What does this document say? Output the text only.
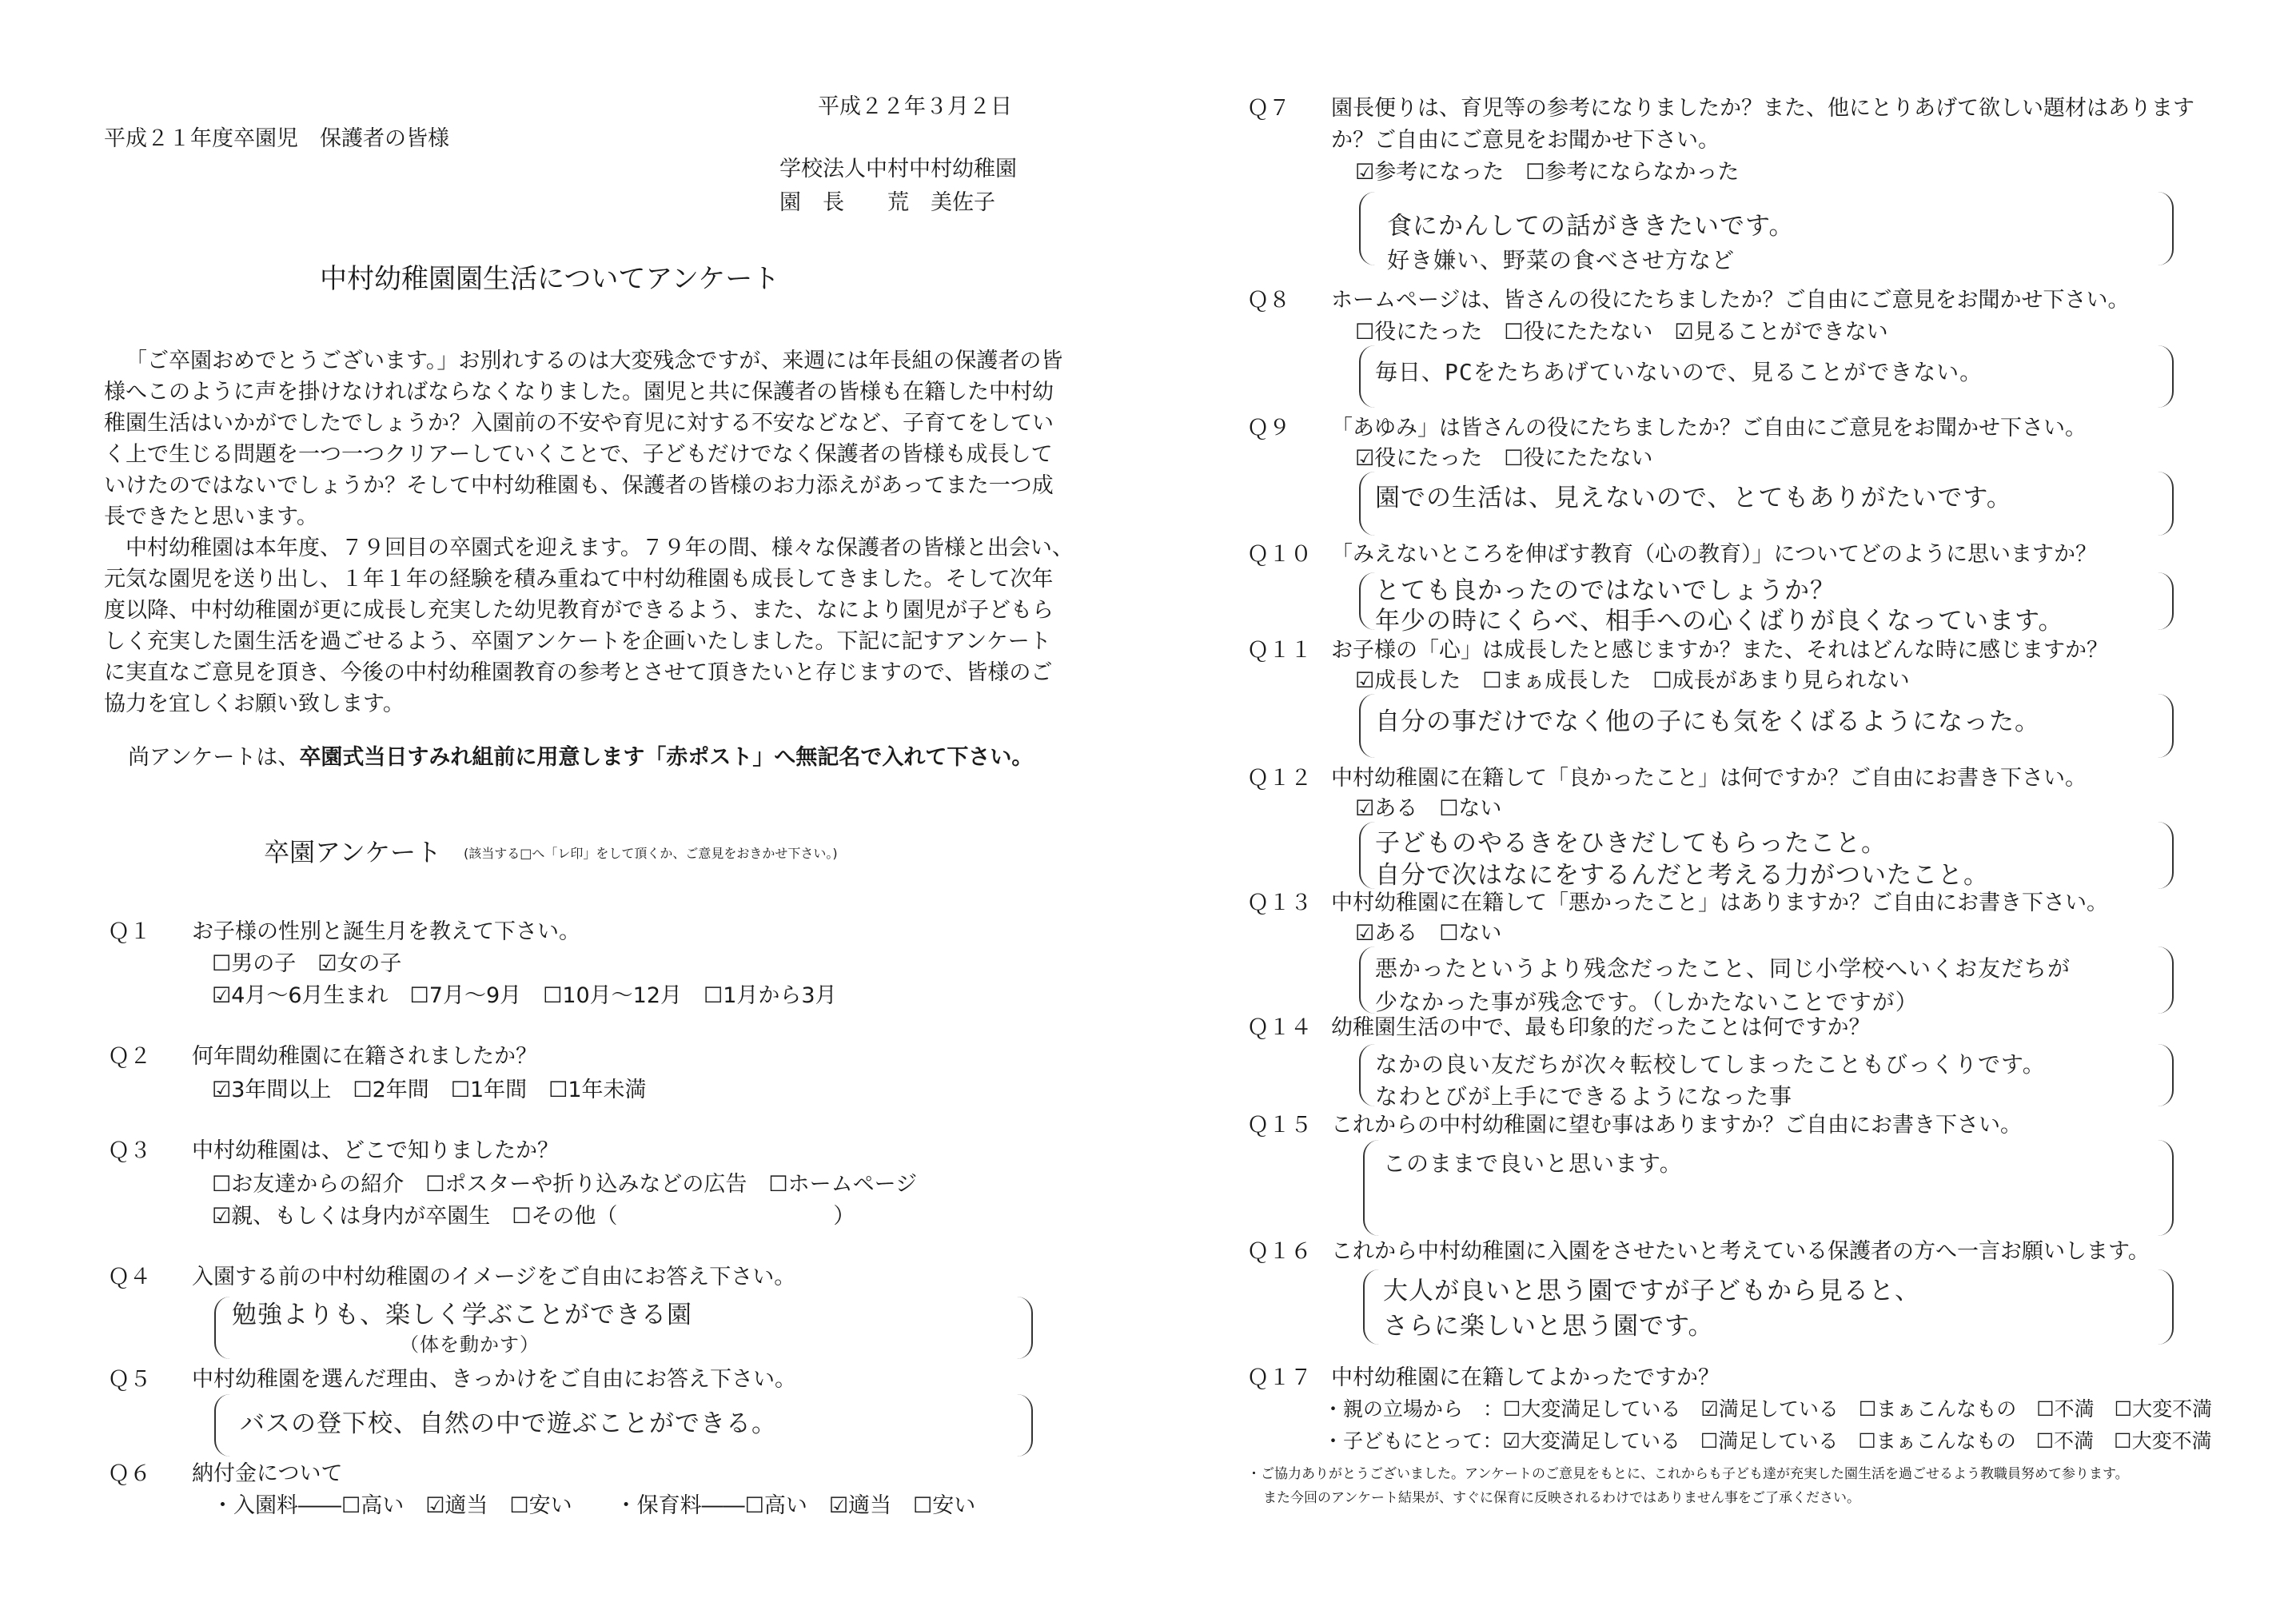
平成２２年３月２日
平成２１年度卒園児　保護者の皆様
学校法人中村中村幼稚園
園　長　　荒　美佐子
中村幼稚園園生活についてアンケート
「ご卒園おめでとうございます。」お別れするのは大変残念ですが、来週には年長組の保護者の皆
様へこのように声を掛けなければならなくなりました。園児と共に保護者の皆様も在籍した中村幼
稚園生活はいかがでしたでしょうか？入園前の不安や育児に対する不安などなど、子育てをしてい
く上で生じる問題を一つ一つクリアーしていくことで、子どもだけでなく保護者の皆様も成長して
いけたのではないでしょうか？そして中村幼稚園も、保護者の皆様のお力添えがあってまた一つ成
長できたと思います。
中村幼稚園は本年度、７９回目の卒園式を迎えます。７９年の間、様々な保護者の皆様と出会い、
元気な園児を送り出し、１年１年の経験を積み重ねて中村幼稚園も成長してきました。そして次年
度以降、中村幼稚園が更に成長し充実した幼児教育ができるよう、また、なにより園児が子どもら
しく充実した園生活を過ごせるよう、卒園アンケートを企画いたしました。下記に記すアンケート
に実直なご意見を頂き、今後の中村幼稚園教育の参考とさせて頂きたいと存じますので、皆様のご
協力を宜しくお願い致します。
尚アンケートは、卒園式当日すみれ組前に用意します「赤ポスト」へ無記名で入れて下さい。
卒園アンケート (該当する□へ「レ印」をして頂くか、ご意見をおきかせ下さい。)
Ｑ１ お子様の性別と誕生月を教えて下さい。
☐男の子　☑女の子
☑4月～6月生まれ　☐7月～9月　☐10月～12月　☐1月から3月
Ｑ２ 何年間幼稚園に在籍されましたか？
☑3年間以上　☐2年間　☐1年間　☐1年未満
Ｑ３ 中村幼稚園は、どこで知りましたか？
☐お友達からの紹介　☐ポスターや折り込みなどの広告　☐ホームページ
☑親、もしくは身内が卒園生　☐その他（　　　　　　　　　　）
Ｑ４ 入園する前の中村幼稚園のイメージをご自由にお答え下さい。
勉強よりも、楽しく学ぶことができる園
（体を動かす）
Ｑ５ 中村幼稚園を選んだ理由、きっかけをご自由にお答え下さい。
バスの登下校、自然の中で遊ぶことができる。
Ｑ６ 納付金について
・入園料――☐高い　☑適当　☐安い　　・保育料――☐高い　☑適当　☐安い
Ｑ７ 園長便りは、育児等の参考になりましたか？また、他にとりあげて欲しい題材はあります
か？ご自由にご意見をお聞かせ下さい。
☑参考になった　☐参考にならなかった
食にかんしての話がききたいです。
好き嫌い、野菜の食べさせ方など
Ｑ８ ホームページは、皆さんの役にたちましたか？ご自由にご意見をお聞かせ下さい。
☐役にたった　☐役にたたない　☑見ることができない
毎日、PCをたちあげていないので、見ることができない。
Ｑ９ 「あゆみ」は皆さんの役にたちましたか？ご自由にご意見をお聞かせ下さい。
☑役にたった　☐役にたたない
園での生活は、見えないので、とてもありがたいです。
Ｑ１０ 「みえないところを伸ばす教育（心の教育）」についてどのように思いますか？
とても良かったのではないでしょうか？
年少の時にくらべ、相手への心くばりが良くなっています。
Ｑ１１ お子様の「心」は成長したと感じますか？また、それはどんな時に感じますか？
☑成長した　☐まぁ成長した　☐成長があまり見られない
自分の事だけでなく他の子にも気をくばるようになった。
Ｑ１２ 中村幼稚園に在籍して「良かったこと」は何ですか？ご自由にお書き下さい。
☑ある　☐ない
子どものやるきをひきだしてもらったこと。
自分で次はなにをするんだと考える力がついたこと。
Ｑ１３ 中村幼稚園に在籍して「悪かったこと」はありますか？ご自由にお書き下さい。
☑ある　☐ない
悪かったというより残念だったこと、同じ小学校へいくお友だちが
少なかった事が残念です。（しかたないことですが）
Ｑ１４ 幼稚園生活の中で、最も印象的だったことは何ですか？
なかの良い友だちが次々転校してしまったこともびっくりです。
なわとびが上手にできるようになった事
Ｑ１５ これからの中村幼稚園に望む事はありますか？ご自由にお書き下さい。
このままで良いと思います。
Ｑ１６ これから中村幼稚園に入園をさせたいと考えている保護者の方へ一言お願いします。
大人が良いと思う園ですが子どもから見ると、
さらに楽しいと思う園です。
Ｑ１７ 中村幼稚園に在籍してよかったですか？
・親の立場から　：☐大変満足している　☑満足している　☐まぁこんなもの　☐不満　☐大変不満
・子どもにとって：☑大変満足している　☐満足している　☐まぁこんなもの　☐不満　☐大変不満
・ご協力ありがとうございました。アンケートのご意見をもとに、これからも子ども達が充実した園生活を過ごせるよう教職員努めて参ります。
また今回のアンケート結果が、すぐに保育に反映されるわけではありません事をご了承ください。
